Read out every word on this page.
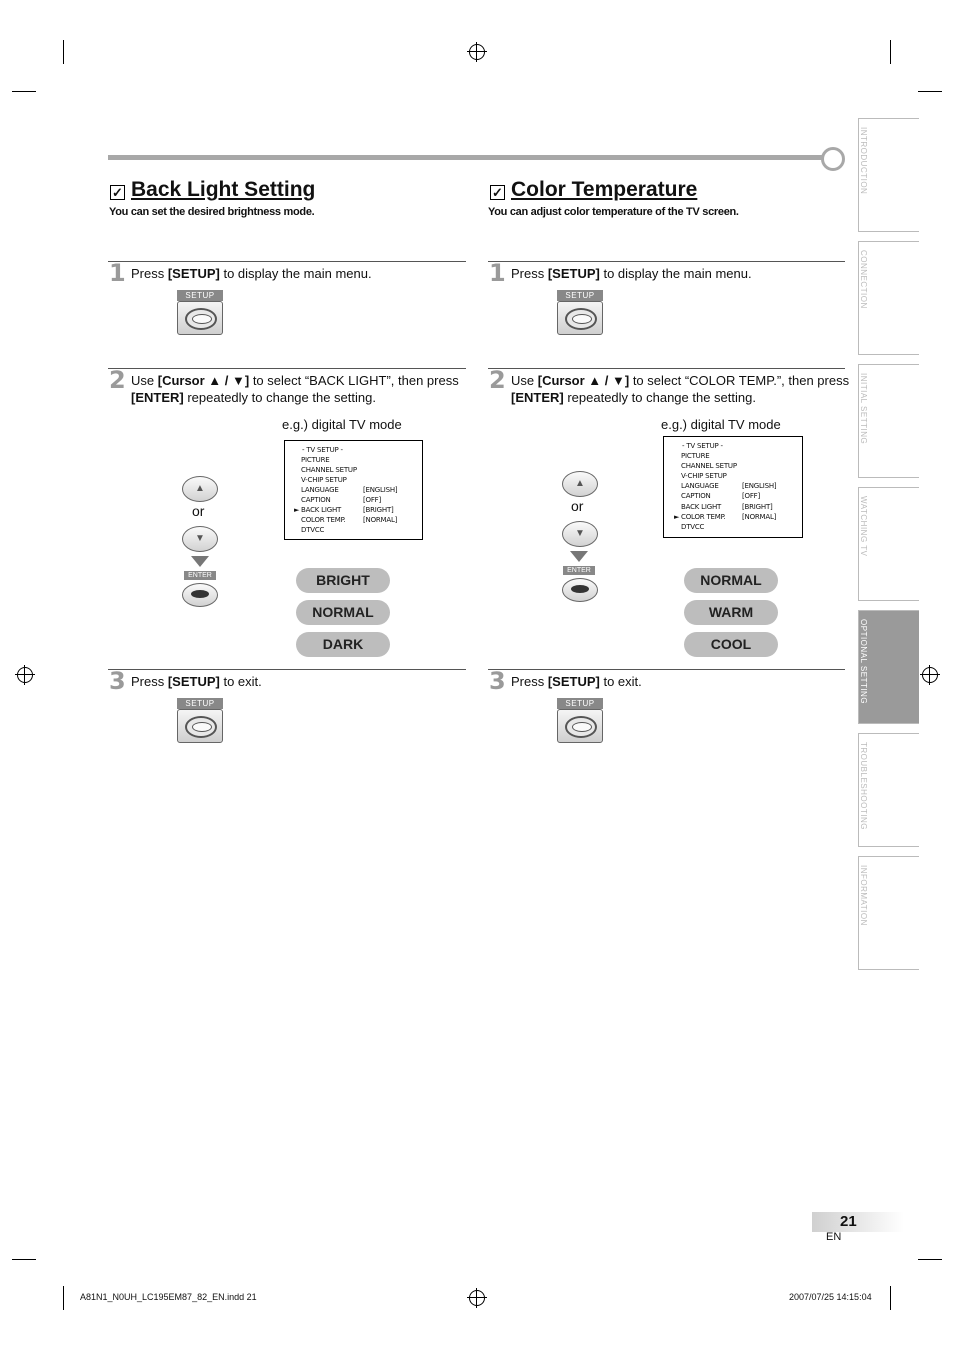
✓ Back Light Setting
You can set the desired brightness mode.
1 Press [SETUP] to display the main menu.
SETUP
2 Use [Cursor ▲ / ▼] to select “BACK LIGHT”, then press
[ENTER] repeatedly to change the setting.
e.g.) digital TV mode
▲
or
▼
ENTER
- TV SETUP -
PICTURE
CHANNEL SETUP
V-CHIP SETUP
LANGUAGE	[ENGLISH]
CAPTION	[OFF]
► BACK LIGHT	[BRIGHT]
COLOR TEMP. [NORMAL]
DTVCC
BRIGHT
NORMAL
DARK
3 Press [SETUP] to exit.
SETUP
✓ Color Temperature
You can adjust color temperature of the TV screen.
1 Press [SETUP] to display the main menu.
SETUP
2 Use [Cursor ▲ / ▼] to select “COLOR TEMP.”, then press
[ENTER] repeatedly to change the setting.
e.g.) digital TV mode
▲
or
▼
ENTER
- TV SETUP -
PICTURE
CHANNEL SETUP
V-CHIP SETUP
LANGUAGE	[ENGLISH]
CAPTION	[OFF]
BACK LIGHT	[BRIGHT]
► COLOR TEMP. [NORMAL]
DTVCC
NORMAL
WARM
COOL
3 Press [SETUP] to exit.
SETUP
INTRODUCTION
CONNECTION
INITIAL SETTING
WATCHING TV
OPTIONAL SETTING
TROUBLESHOOTING
INFORMATION
21
EN
A81N1_N0UH_LC195EM87_82_EN.indd 21	2007/07/25 14:15:04
